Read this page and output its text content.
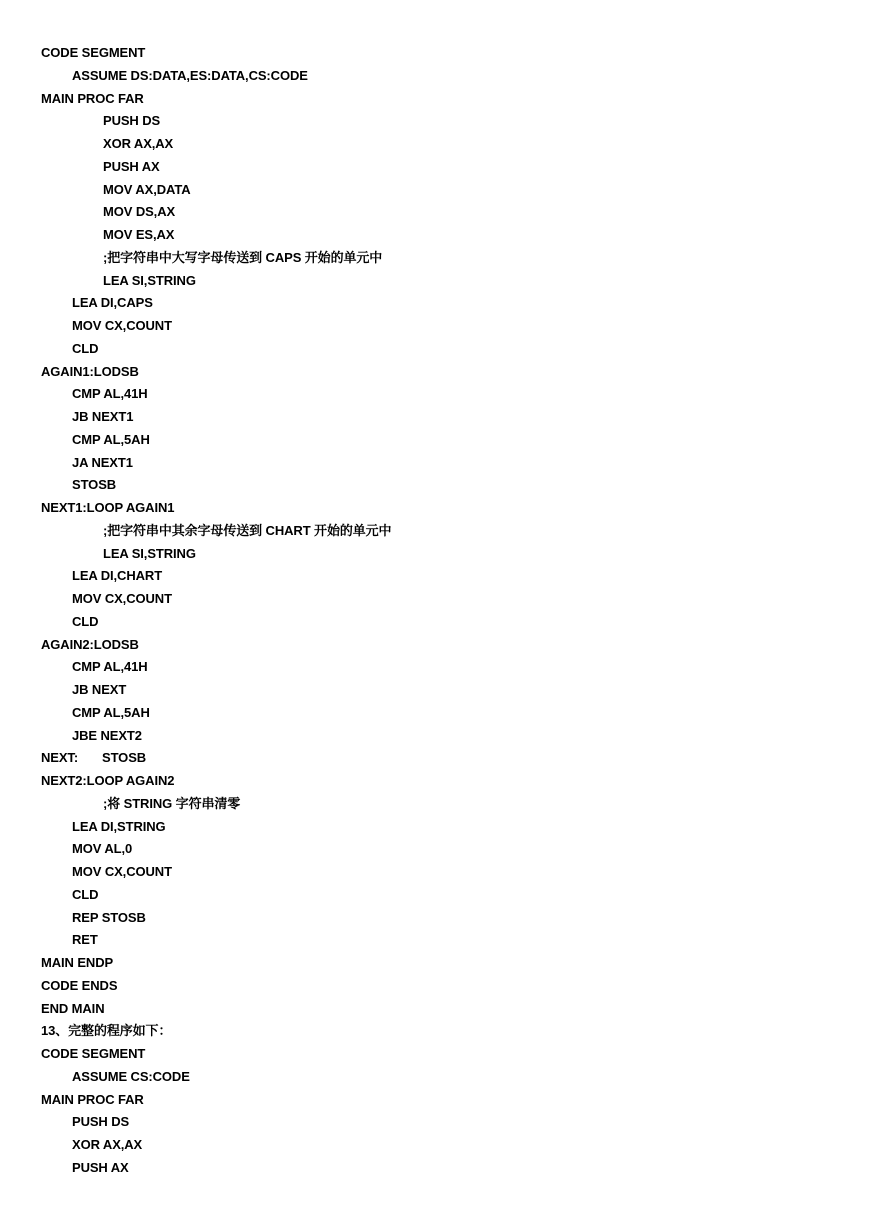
CODE SEGMENT
ASSUME DS:DATA,ES:DATA,CS:CODE
MAIN PROC FAR
PUSH DS
XOR AX,AX
PUSH AX
MOV AX,DATA
MOV DS,AX
MOV ES,AX
;把字符串中大写字母传送到 CAPS 开始的单元中
LEA SI,STRING
LEA DI,CAPS
MOV CX,COUNT
CLD
AGAIN1:LODSB
CMP AL,41H
JB NEXT1
CMP AL,5AH
JA NEXT1
STOSB
NEXT1:LOOP AGAIN1
;把字符串中其余字母传送到 CHART 开始的单元中
LEA SI,STRING
LEA DI,CHART
MOV CX,COUNT
CLD
AGAIN2:LODSB
CMP AL,41H
JB NEXT
CMP AL,5AH
JBE NEXT2
NEXT: STOSB
NEXT2:LOOP AGAIN2
;将 STRING 字符串清零
LEA DI,STRING
MOV AL,0
MOV CX,COUNT
CLD
REP STOSB
RET
MAIN ENDP
CODE ENDS
END MAIN
13、完整的程序如下：
CODE SEGMENT
ASSUME CS:CODE
MAIN PROC FAR
PUSH DS
XOR AX,AX
PUSH AX
